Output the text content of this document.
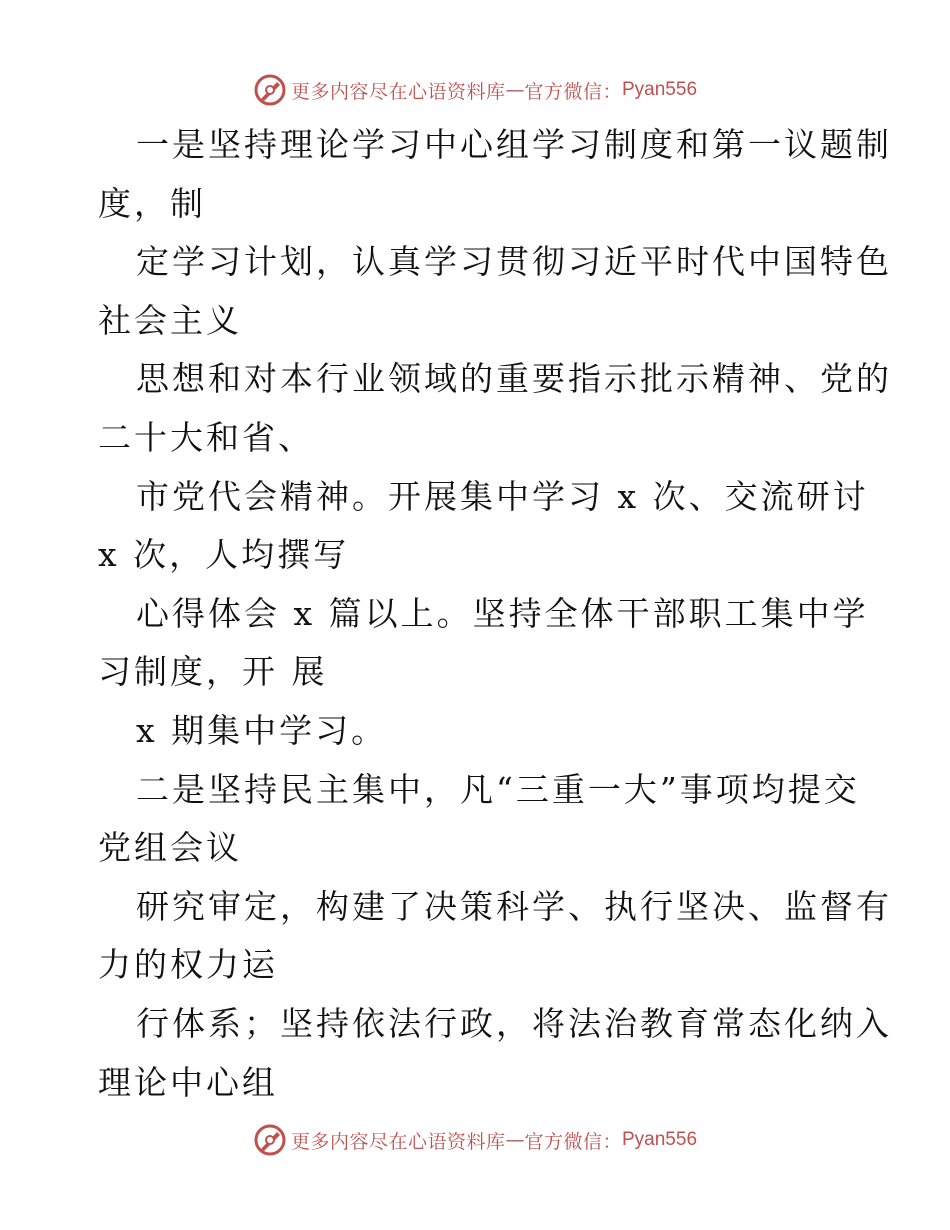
更多内容尽在心语资料库 — 官方微信： Pyan556
一是坚持理论学习中心组学习制度和第一议题制
度，制
定学习计划，认真学习贯彻习近平时代中国特色
社会主义
思想和对本行业领域的重要指示批示精神、党的
二十大和省、
市党代会精神。开展集中学习 x 次、交流研讨
x 次，人均撰写
心得体会 x 篇以上。坚持全体干部职工集中学
习制度，开 展
x 期集中学习。
二是坚持民主集中，凡“三重一大”事项均提交
党组会议
研究审定，构建了决策科学、执行坚决、监督有
力的权力运
行体系；坚持依法行政，将法治教育常态化纳入
理论中心组
更多内容尽在心语资料库 — 官方微信： Pyan556
